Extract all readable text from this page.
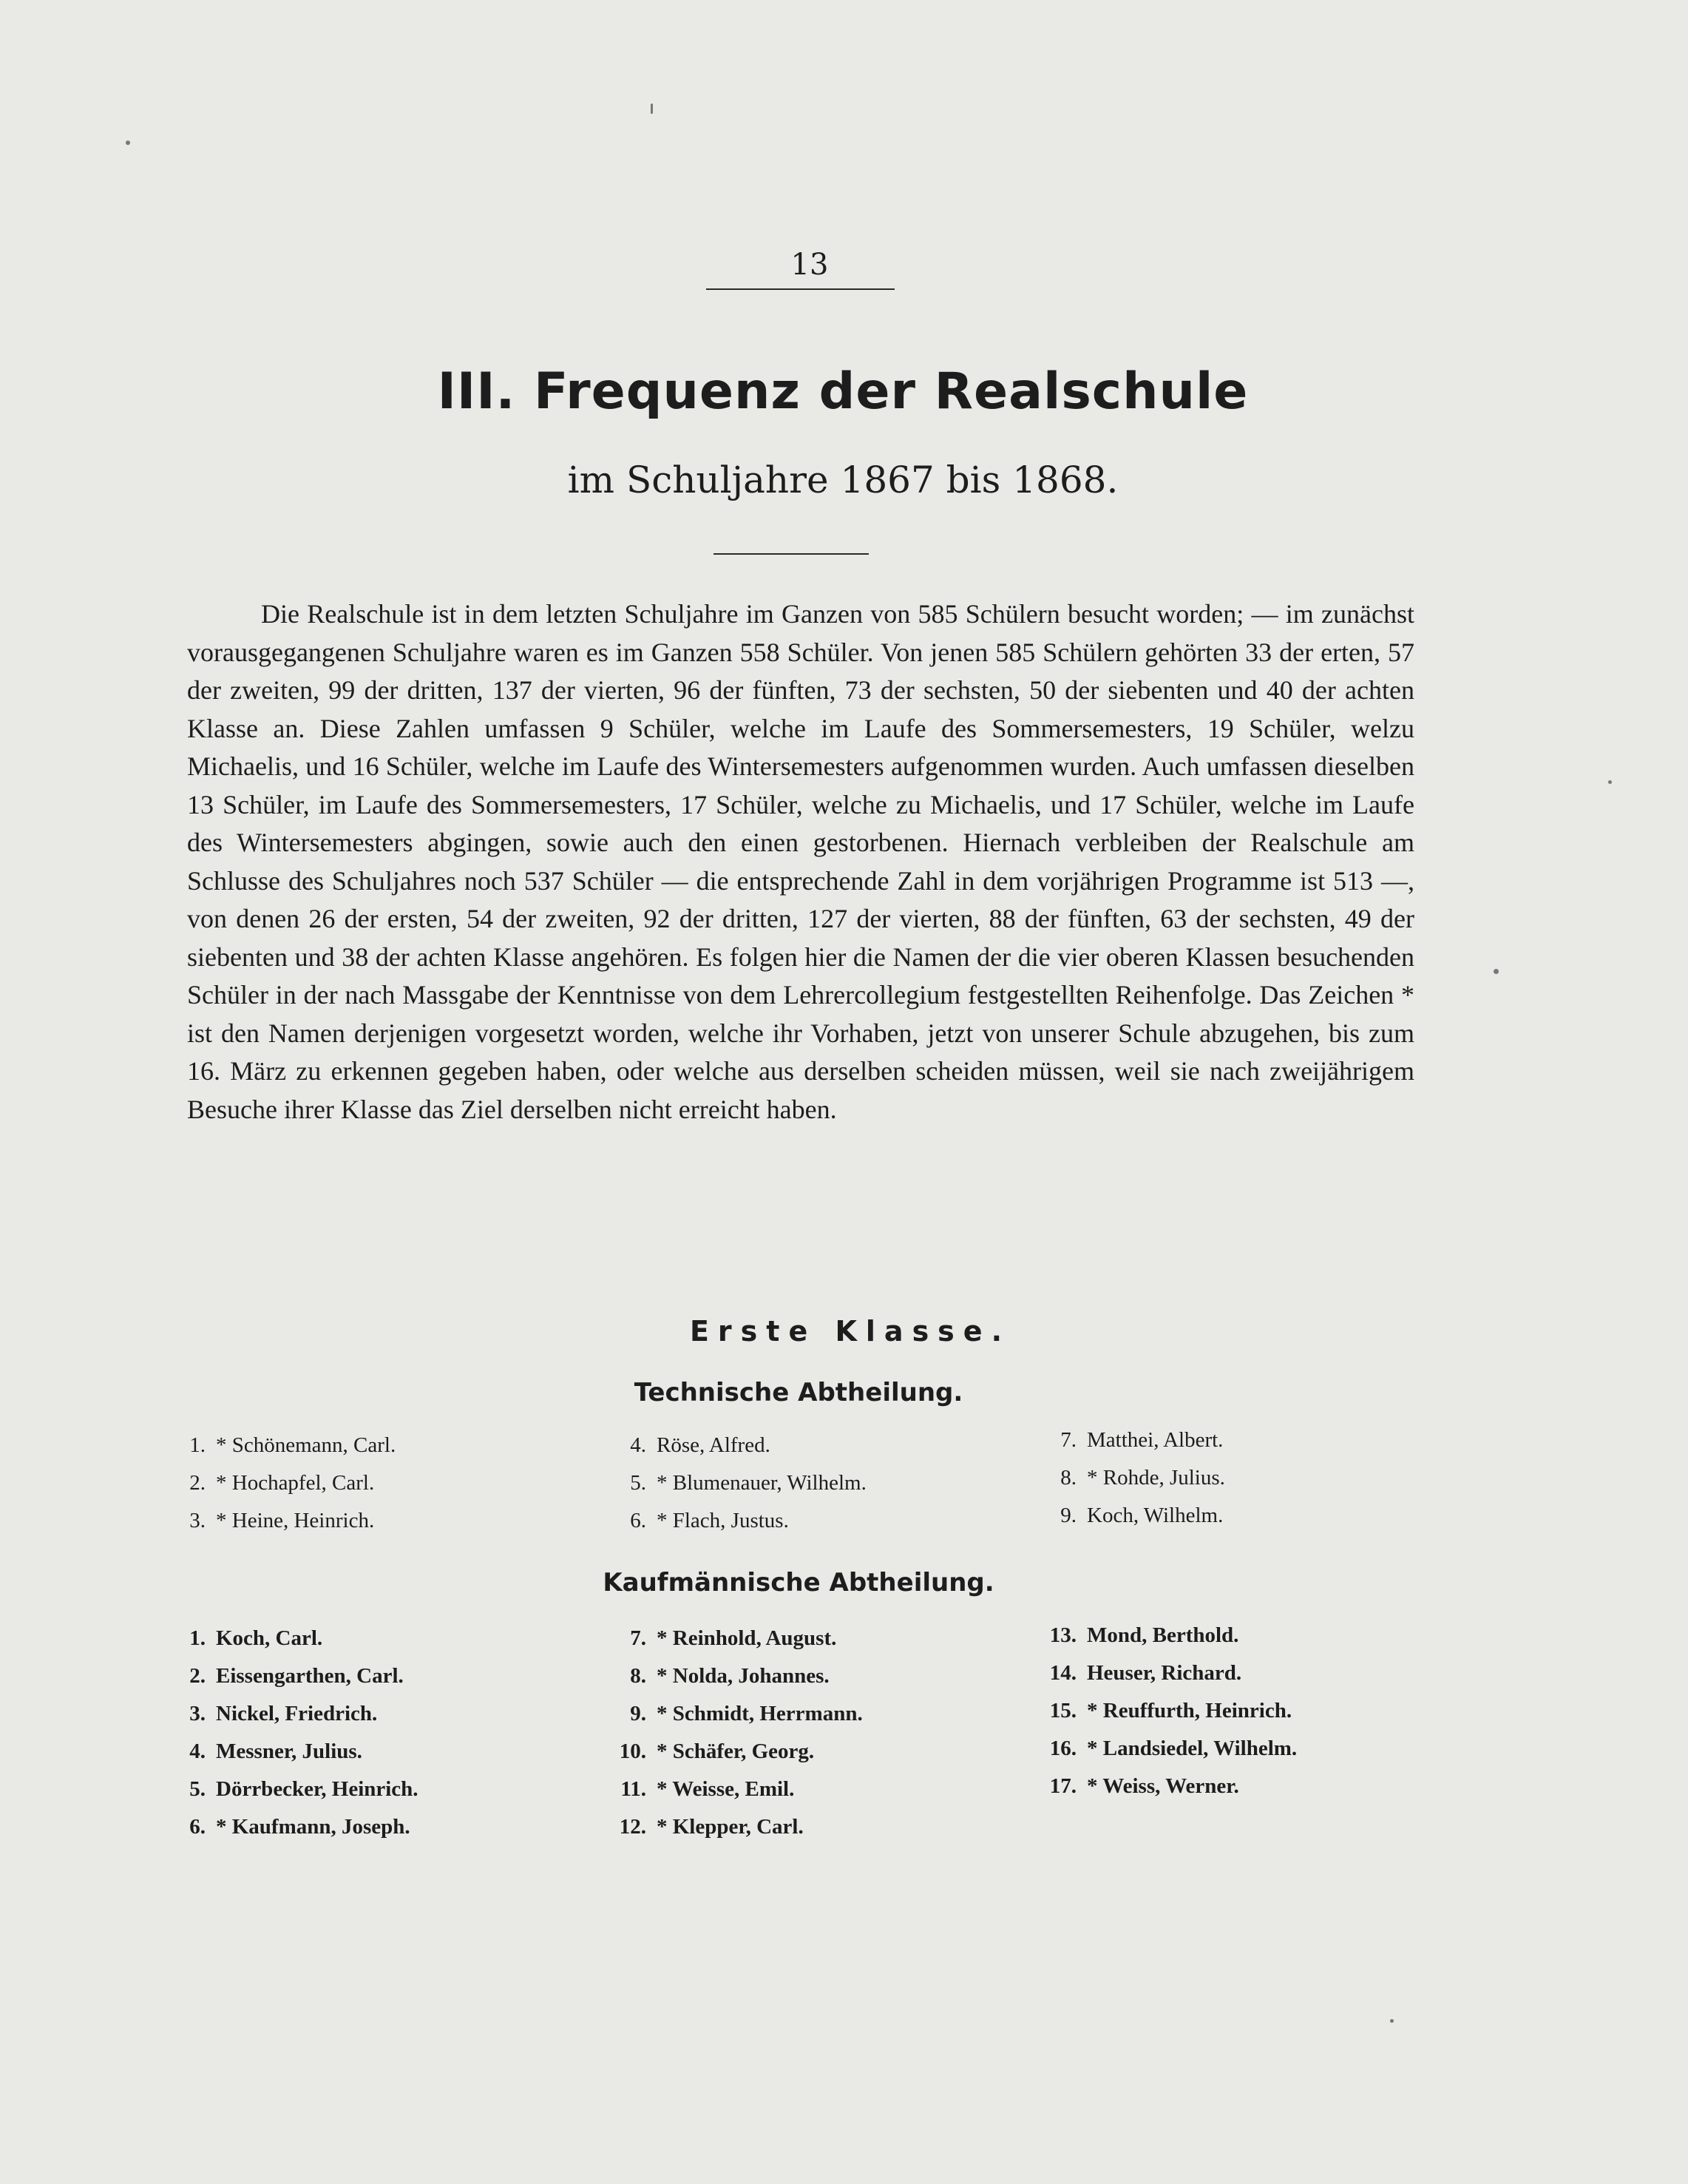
13
III. Frequenz der Realschule
im Schuljahre 1867 bis 1868.

Die Realschule ist in dem letzten Schuljahre im Ganzen von 585 Schülern besucht worden; — im zunächst vorausgegangenen Schuljahre waren es im Ganzen 558 Schüler. Von jenen 585 Schülern gehörten 33 der erten, 57 der zweiten, 99 der dritten, 137 der vierten, 96 der fünften, 73 der sechsten, 50 der siebenten und 40 der achten Klasse an. Diese Zahlen umfassen 9 Schüler, welche im Laufe des Sommersemesters, 19 Schüler, welzu Michaelis, und 16 Schüler, welche im Laufe des Wintersemesters aufgenommen wurden. Auch umfassen dieselben 13 Schüler, im Laufe des Sommersemesters, 17 Schüler, welche zu Michaelis, und 17 Schüler, welche im Laufe des Wintersemesters abgingen, sowie auch den einen gestorbenen. Hiernach verbleiben der Realschule am Schlusse des Schuljahres noch 537 Schüler — die entsprechende Zahl in dem vorjährigen Programme ist 513 —, von denen 26 der ersten, 54 der zweiten, 92 der dritten, 127 der vierten, 88 der fünften, 63 der sechsten, 49 der siebenten und 38 der achten Klasse angehören. Es folgen hier die Namen der die vier oberen Klassen besuchenden Schüler in der nach Massgabe der Kenntnisse von dem Lehrercollegium festgestellten Reihenfolge. Das Zeichen * ist den Namen derjenigen vorgesetzt worden, welche ihr Vorhaben, jetzt von unserer Schule abzugehen, bis zum 16. März zu erkennen gegeben haben, oder welche aus derselben scheiden müssen, weil sie nach zweijährigem Besuche ihrer Klasse das Ziel derselben nicht erreicht haben.

Erste Klasse.
Technische Abtheilung.
1. * Schönemann, Carl.
2. * Hochapfel, Carl.
3. * Heine, Heinrich.
4. Röse, Alfred.
5. * Blumenauer, Wilhelm.
6. * Flach, Justus.
7. Matthei, Albert.
8. * Rohde, Julius.
9. Koch, Wilhelm.
Kaufmännische Abtheilung.
1. Koch, Carl.
2. Eissengarthen, Carl.
3. Nickel, Friedrich.
4. Messner, Julius.
5. Dörrbecker, Heinrich.
6. * Kaufmann, Joseph.
7. * Reinhold, August.
8. * Nolda, Johannes.
9. * Schmidt, Herrmann.
10. * Schäfer, Georg.
11. * Weisse, Emil.
12. * Klepper, Carl.
13. Mond, Berthold.
14. Heuser, Richard.
15. * Reuffurth, Heinrich.
16. * Landsiedel, Wilhelm.
17. * Weiss, Werner.
